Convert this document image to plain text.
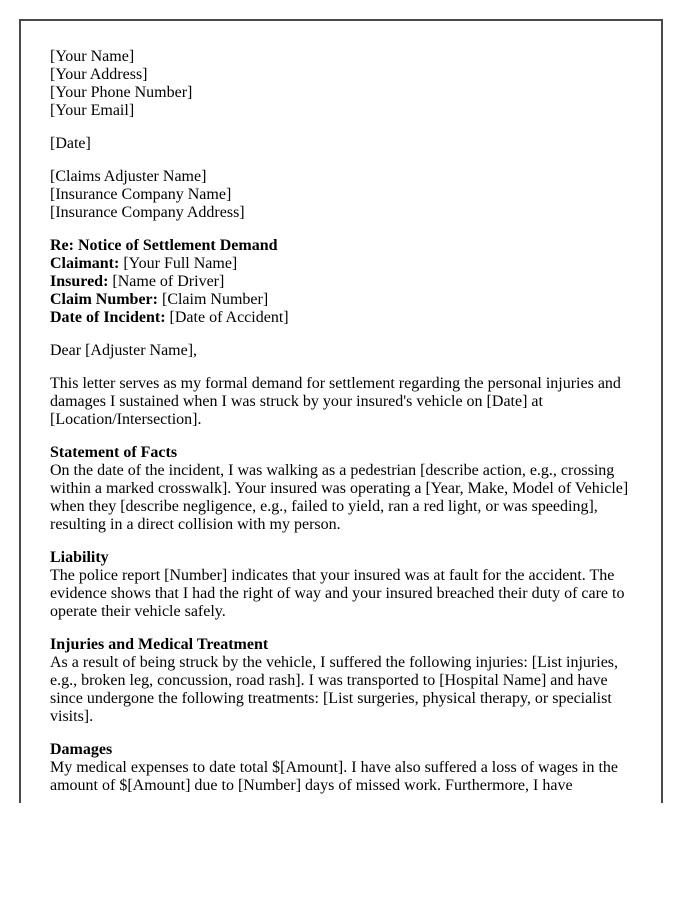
[Your Name]
[Your Address]
[Your Phone Number]
[Your Email]
[Date]
[Claims Adjuster Name]
[Insurance Company Name]
[Insurance Company Address]
Re: Notice of Settlement Demand
Claimant: [Your Full Name]
Insured: [Name of Driver]
Claim Number: [Claim Number]
Date of Incident: [Date of Accident]
Dear [Adjuster Name],
This letter serves as my formal demand for settlement regarding the personal injuries and damages I sustained when I was struck by your insured's vehicle on [Date] at [Location/Intersection].
Statement of Facts
On the date of the incident, I was walking as a pedestrian [describe action, e.g., crossing within a marked crosswalk]. Your insured was operating a [Year, Make, Model of Vehicle] when they [describe negligence, e.g., failed to yield, ran a red light, or was speeding], resulting in a direct collision with my person.
Liability
The police report [Number] indicates that your insured was at fault for the accident. The evidence shows that I had the right of way and your insured breached their duty of care to operate their vehicle safely.
Injuries and Medical Treatment
As a result of being struck by the vehicle, I suffered the following injuries: [List injuries, e.g., broken leg, concussion, road rash]. I was transported to [Hospital Name] and have since undergone the following treatments: [List surgeries, physical therapy, or specialist visits].
Damages
My medical expenses to date total $[Amount]. I have also suffered a loss of wages in the amount of $[Amount] due to [Number] days of missed work. Furthermore, I have
